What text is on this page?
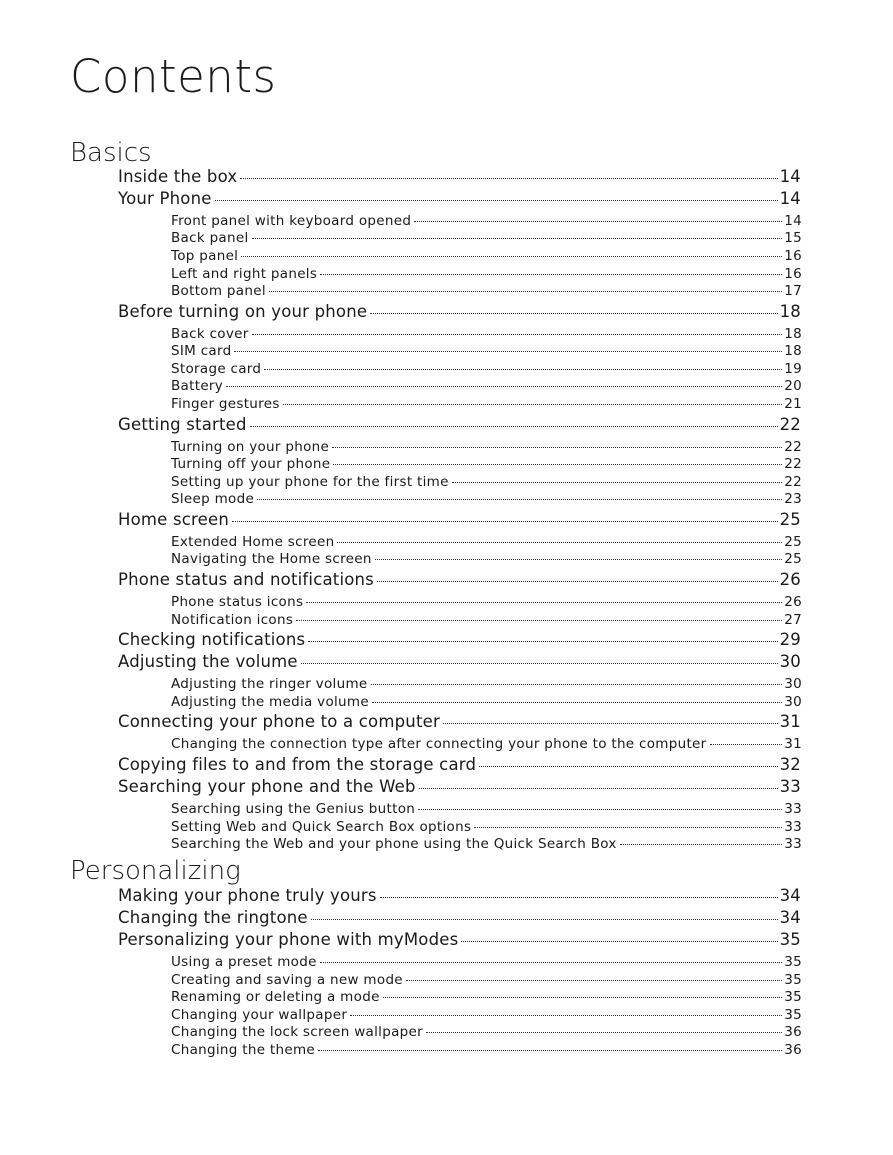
Contents
Basics
Inside the box	14
Your Phone	14
Front panel with keyboard opened	14
Back panel	15
Top panel	16
Left and right panels	16
Bottom panel	17
Before turning on your phone	18
Back cover	18
SIM card	18
Storage card	19
Battery	20
Finger gestures	21
Getting started	22
Turning on your phone	22
Turning off your phone	22
Setting up your phone for the first time	22
Sleep mode	23
Home screen	25
Extended Home screen	25
Navigating the Home screen	25
Phone status and notifications	26
Phone status icons	26
Notification icons	27
Checking notifications	29
Adjusting the volume	30
Adjusting the ringer volume	30
Adjusting the media volume	30
Connecting your phone to a computer	31
Changing the connection type after connecting your phone to the computer	31
Copying files to and from the storage card	32
Searching your phone and the Web	33
Searching using the Genius button	33
Setting Web and Quick Search Box options	33
Searching the Web and your phone using the Quick Search Box	33
Personalizing
Making your phone truly yours	34
Changing the ringtone	34
Personalizing your phone with myModes	35
Using a preset mode	35
Creating and saving a new mode	35
Renaming or deleting a mode	35
Changing your wallpaper	35
Changing the lock screen wallpaper	36
Changing the theme	36
